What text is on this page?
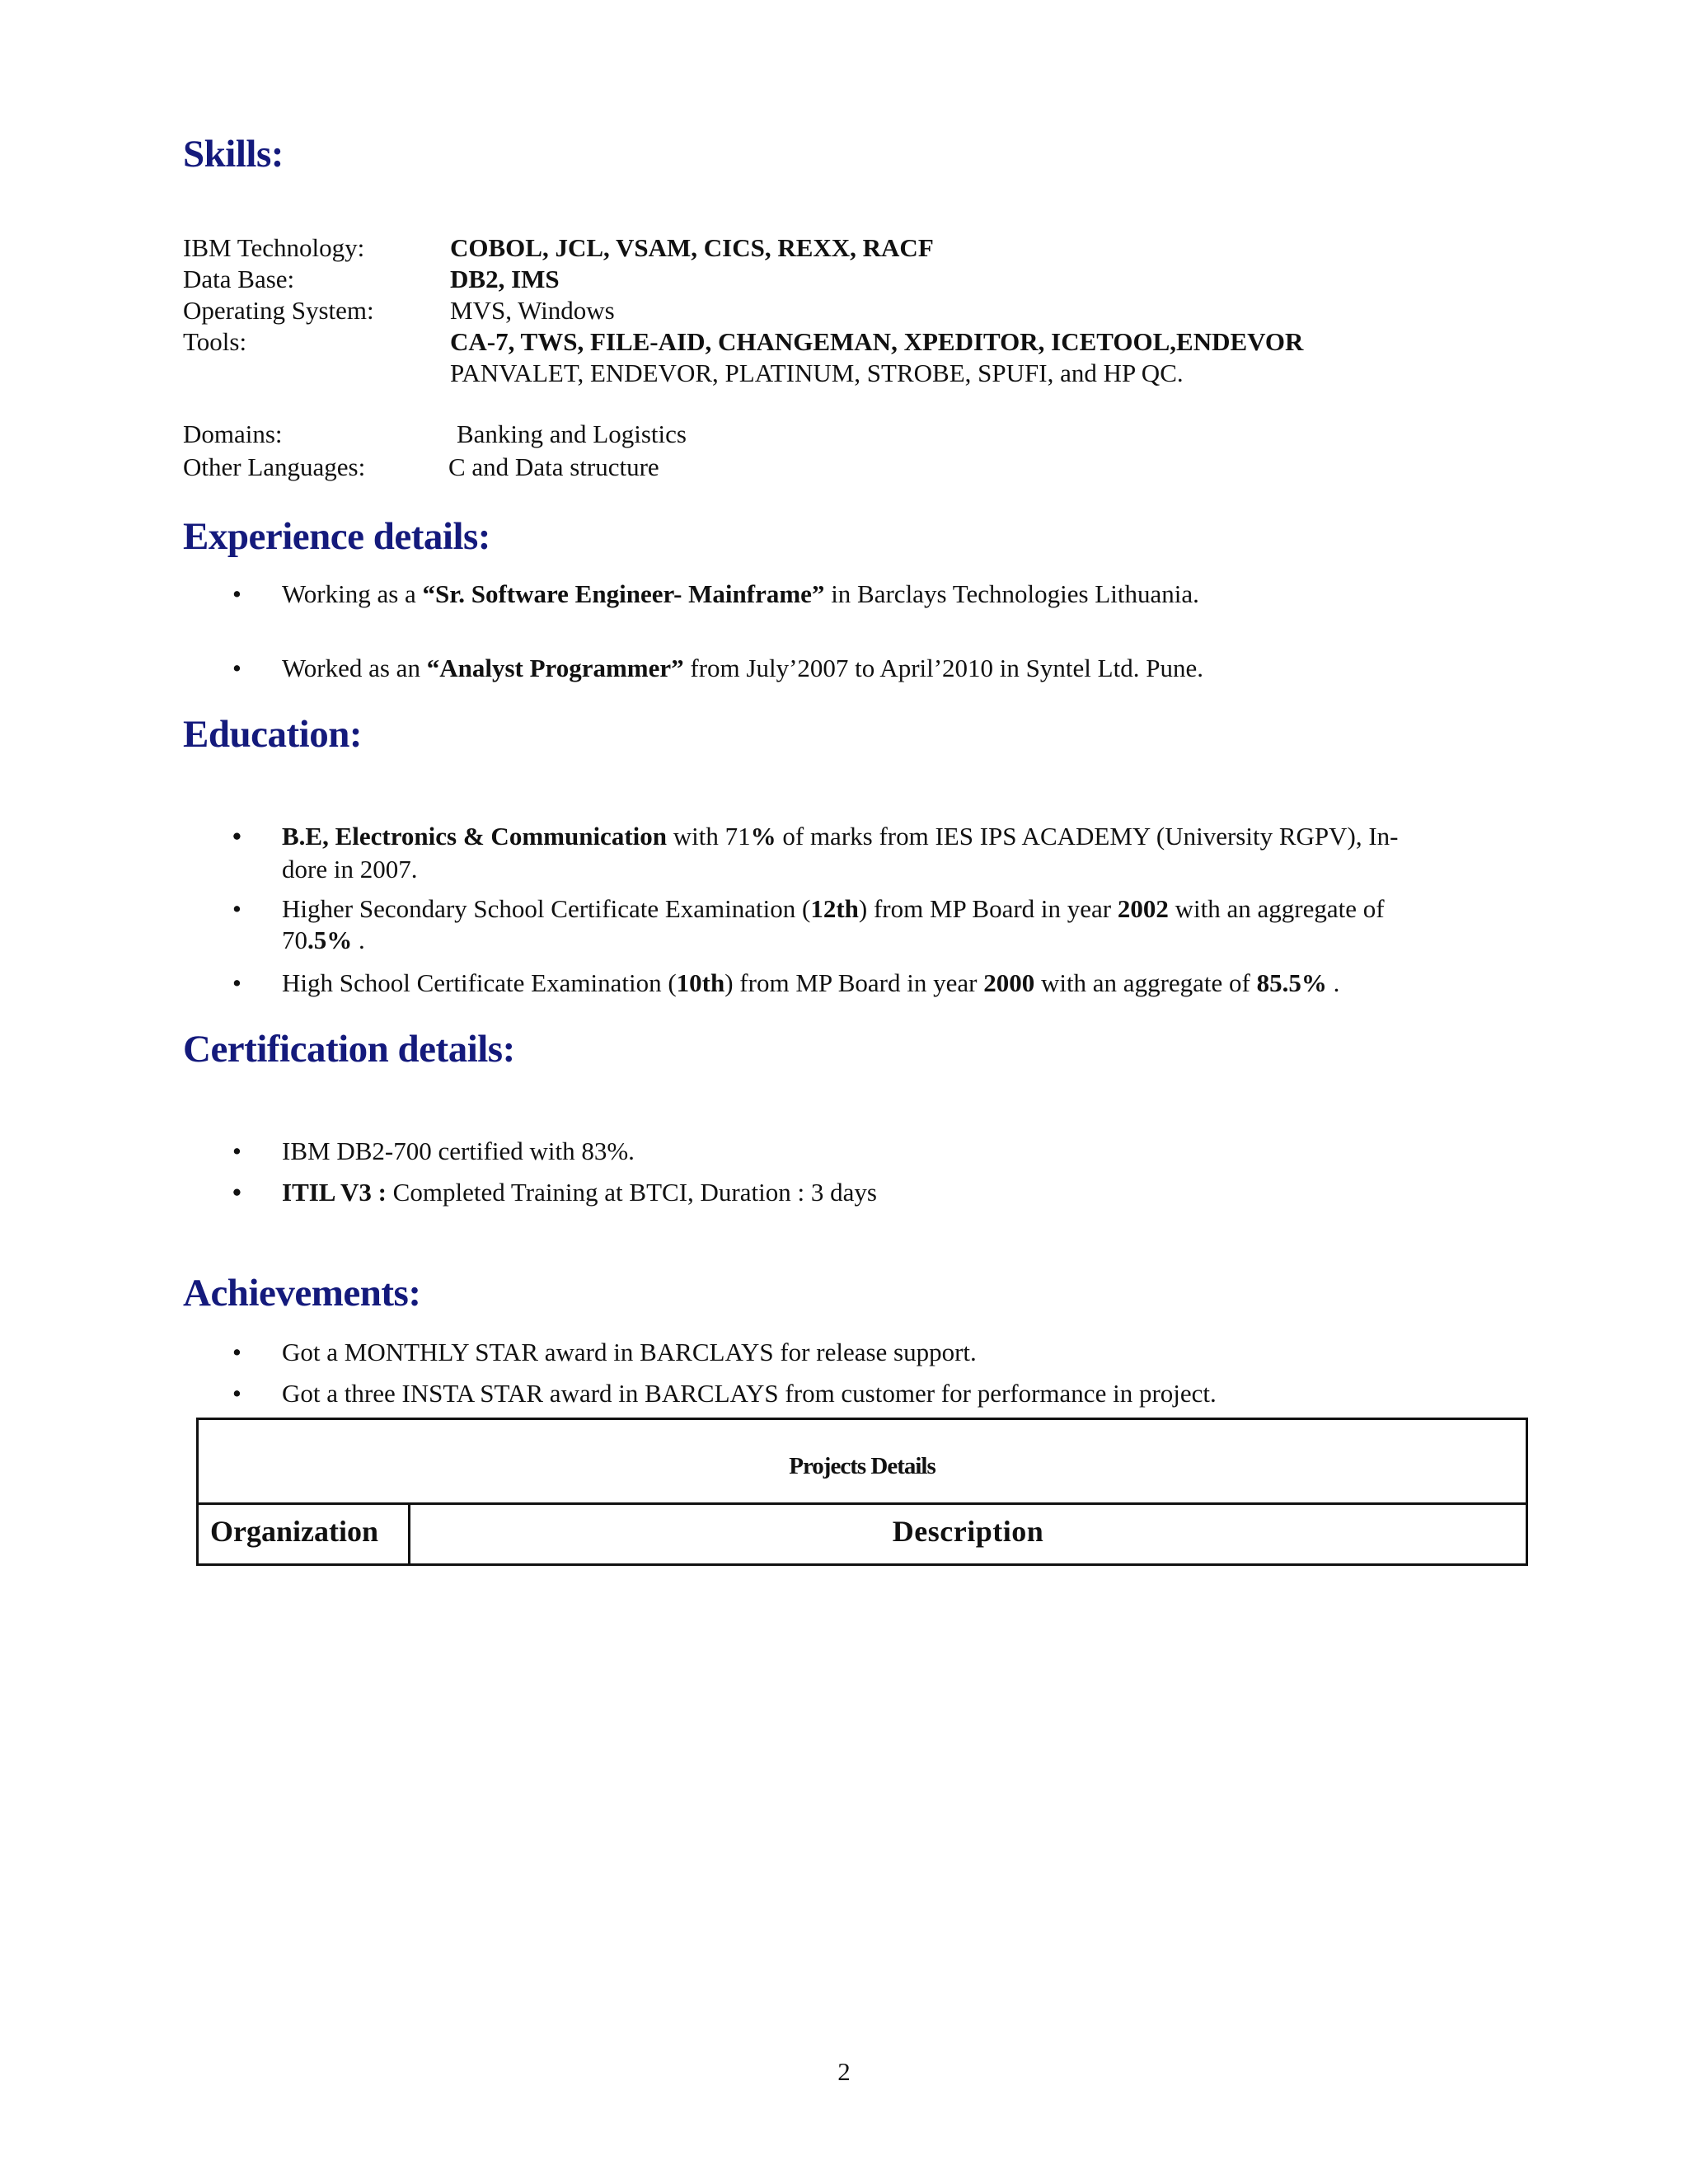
Skills:
IBM Technology:	COBOL, JCL, VSAM, CICS, REXX, RACF
Data Base:	DB2, IMS
Operating System:	MVS, Windows
Tools:	CA-7, TWS, FILE-AID, CHANGEMAN, XPEDITOR, ICETOOL,ENDEVOR
PANVALET, ENDEVOR, PLATINUM, STROBE, SPUFI, and HP QC.
Domains:	Banking and Logistics
Other Languages:	C and Data structure
Experience details:
• Working as a “Sr. Software Engineer- Mainframe” in Barclays Technologies Lithuania.
• Worked as an “Analyst Programmer” from July’2007 to April’2010 in Syntel Ltd. Pune.
Education:
• B.E, Electronics & Communication with 71% of marks from IES IPS ACADEMY (University RGPV), In-
dore in 2007.
• Higher Secondary School Certificate Examination (12th) from MP Board in year 2002 with an aggregate of
70.5% .
• High School Certificate Examination (10th) from MP Board in year 2000 with an aggregate of 85.5% .
Certification details:
• IBM DB2-700 certified with 83%.
• ITIL V3 : Completed Training at BTCI, Duration : 3 days
Achievements:
• Got a MONTHLY STAR award in BARCLAYS for release support.
• Got a three INSTA STAR award in BARCLAYS from customer for performance in project.
Projects Details
Organization	Description
2
